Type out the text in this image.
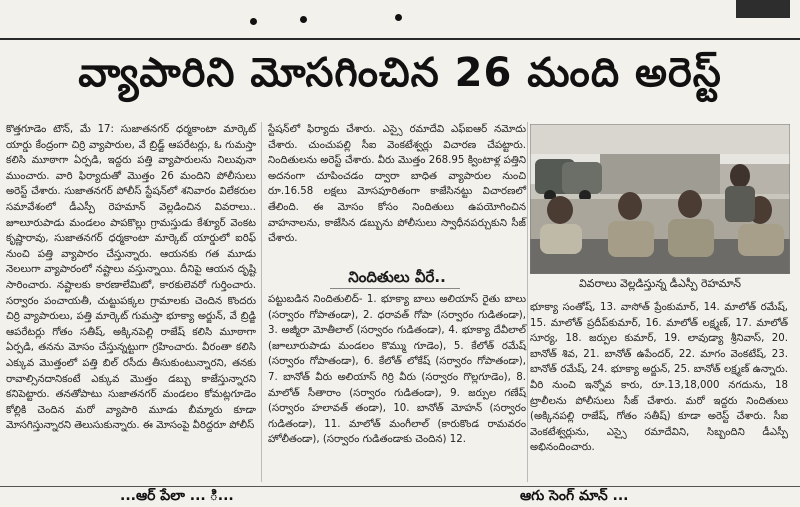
వ్యాపారిని మోసగించిన 26 మంది అరెస్ట్

కొత్తగూడెం టౌన్, మే 17: సుజాతనగర్ ధర్మకాంటా మార్కెట్ యార్డు కేంద్రంగా చిర్రి వ్యాపారుల, వే బ్రిడ్జ్ ఆపరేటర్లు, ఓ గుమస్తా కలిసి మూఠాగా ఏర్పడి, ఇద్దరు పత్తి వ్యాపారులను నిలువునా ముంచారు. వారి ఫిర్యాదుతో మొత్తం 26 మందిని పోలీసులు అరెస్ట్ చేశారు. సుజాతనగర్ పోలీస్ స్టేషన్‌లో శనివారం విలేకరుల సమావేశంలో డీఎస్పీ రెహమాన్ వెల్లడించిన వివరాలు.. జూలూరుపాడు మండలం పాపకొల్లు గ్రామస్తుడు కేశ్యూర్ వెంకట కృష్ణారావు, సుజాతనగర్ ధర్మకాంటా మార్కెట్ యార్డులో ఐరిఫ్ నుంచి పత్తి వ్యాపారం చేస్తున్నారు. ఆయనకు గత మూడు నెలలుగా వ్యాపారంలో నష్టాలు వస్తున్నాయి. దీనిపై ఆయన దృష్టి సారించారు. నష్టాలకు కారణాలేమిటో, కారకులెవరో గుర్తించారు. సర్వారం పంచాయతీ, చుట్టుపక్కల గ్రామాలకు చెందిన కొందరు చిర్రి వ్యాపారులు, పత్తి మార్కెట్ గుమస్తా భూక్యా అర్జున్, వే బ్రిడ్జి ఆపరేటర్లు గోతం సతీష్, అక్కినపెల్లి రాజేష్ కలిసి మూఠాగా ఏర్పడి, తనను మోసం చేస్తున్నట్టుగా గ్రహించారు. వీరంతా కలిసి ఎక్కువ మొత్తంలో పత్తి బిల్ రసీదు తీసుకుంటున్నారని, తనకు రావాల్సినదానికంటే ఎక్కువ మొత్తం డబ్బు కాజేస్తున్నారని కనిపెట్టారు. తనతోపాటు సుజాతనగర్ మండలం కోమట్లగూడెం కోల్లికి చెందిన మరో వ్యాపారి మూడు బీమ్మారు కూడా మోసగిస్తున్నారని తెలుసుకున్నారు. ఈ మోసంపై వీరిద్దరూ పోలీస్

స్టేషన్‌లో ఫిర్యాదు చేశారు. ఎస్సై రమాదేవి ఎఫ్ఐఆర్ నమోదు చేశారు. చుంచుపల్లి సీఐ వెంకటేశ్వర్లు విచారణ చేపట్టారు. నిందితులను అరెస్ట్ చేశారు. వీరు మొత్తం 268.95 క్వింటాళ్ల పత్తిని అదనంగా చూపించడం ద్వారా బాధిత వ్యాపారుల నుంచి రూ.16.58 లక్షలు మోసపూరితంగా కాజేసినట్టు విచారణలో తేలింది. ఈ మోసం కోసం నిందితులు ఉపయోగించిన వాహనాలను, కాజేసిన డబ్బును పోలీసులు స్వాధీనపర్చుకుని సీజ్ చేశారు.

నిందితులు వీరే..

పట్టుబడిన నిందితులిద్- 1. భూక్యా బాలు అలియాస్ రైతు బాలు (సర్వారం గోపాతండా), 2. ధరావత్ గోపా (సర్వారం గుడితండా), 3. అజ్మీరా మోతీలాల్ (సర్వారం గుడితండా), 4. భూక్యా దేవీలాల్ (జూలూరుపాడు మండలం కొమ్ము గూడెం), 5. కేలోత్ రమేష్ (సర్వారం గోపాతండా), 6. కేలోత్ లోకేష్ (సర్వారం గోపాతండా), 7. బానోత్ వీరు అలియాస్ గిర్రి వీరు (సర్వారం గొల్లగూడెం), 8. మాలోత్ సీతారాం (సర్వారం గుడితండా), 9. జర్పుల గణేష్ (సర్వారం హలావత్ తండా), 10. బానోత్ మోహన్ (సర్వారం గుడితండా), 11. మాలోత్ మంగీలాల్ (కారుకొండ రామవరం హోలీతండా), (సర్వారం గుడితండాకు చెందిన) 12.

వివరాలు వెల్లడిస్తున్న డీఎస్పీ రెహమాన్

భూక్యా సంతోష్, 13. వాసోత్ ప్రేంకుమార్, 14. మాలోత్ రమేష్, 15. మాలోత్ ప్రదీప్‌కుమార్, 16. మాలోత్ లక్ష్మణ్, 17. మాలోత్ సూర్య, 18. జర్పుల కుమార్, 19. లావుడ్యా శ్రీనివాస్, 20. బానోత్ శివ, 21. బానోత్ ఉపేందర్, 22. మాగం వెంకటేష్, 23. బానోత్ రమేష్, 24. భూక్యా అర్జున్, 25. బానోత్ లక్ష్మణ్ ఉన్నారు. వీరి నుంచి ఇన్నోవ కారు, రూ.13,18,000 నగదును, 18 ట్రాలీలను పోలీసులు సీజ్ చేశారు. మరో ఇద్దరు నిందితులు (అక్కినపల్లి రాజేష్, గోతం సతీష్) కూడా అరెస్ట్ చేశారు. సీఐ వెంకటేశ్వర్లును, ఎస్సై రమాదేవిని, సిబ్బందిని డీఎస్పీ అభినందించారు.

...ఆర్ పేలా ... ి...	ఆగు సెంగ్ మాన్ ...
